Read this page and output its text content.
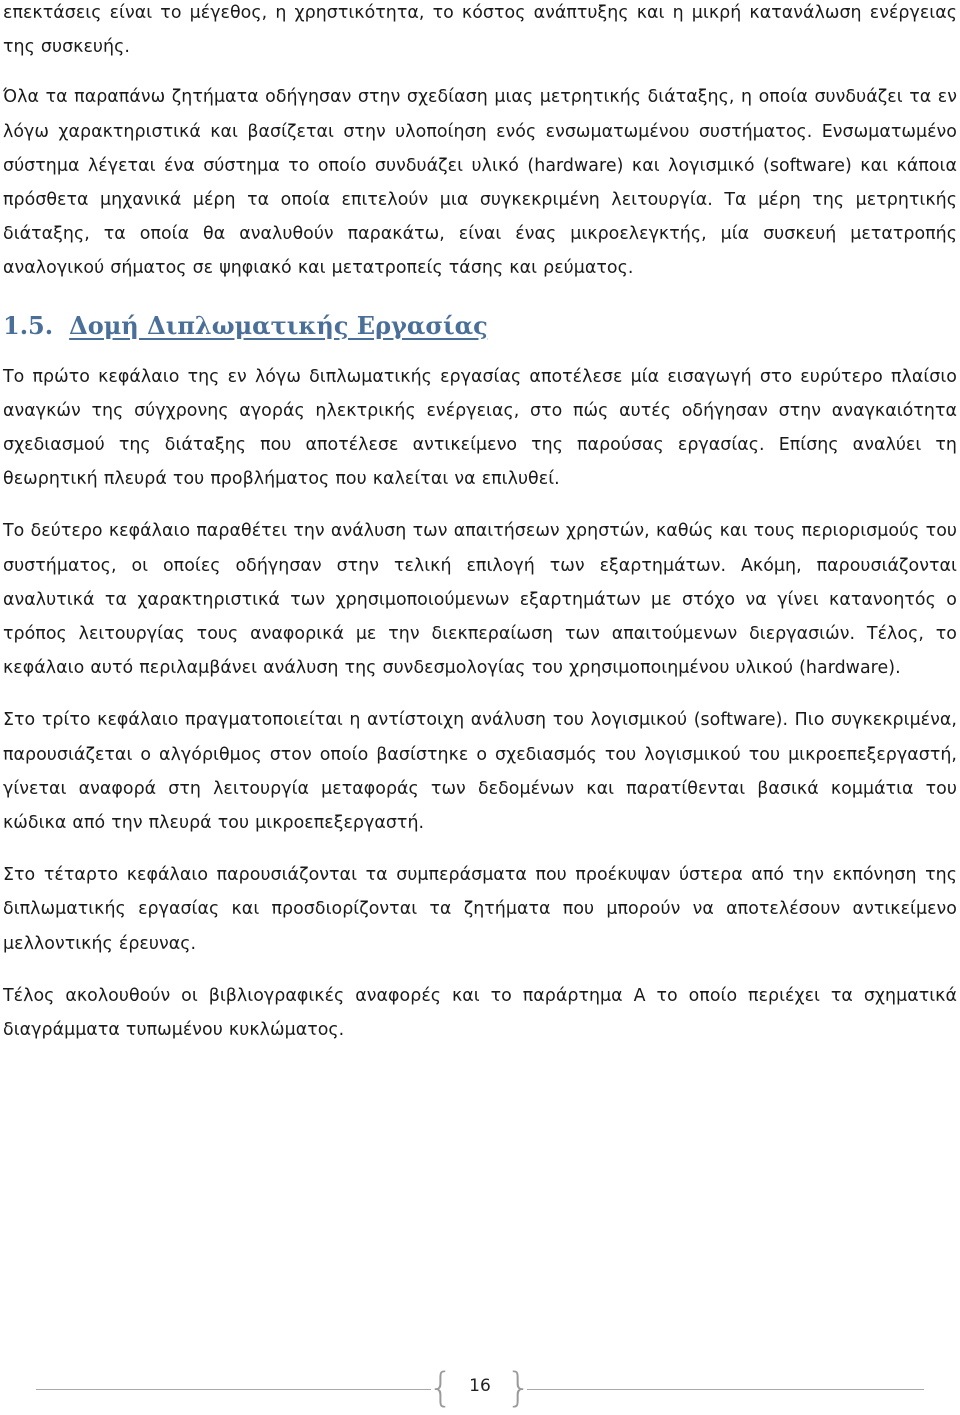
επεκτάσεις είναι το μέγεθος, η χρηστικότητα, το κόστος ανάπτυξης και η μικρή κατανάλωση ενέργειας της συσκευής.

Όλα τα παραπάνω ζητήματα οδήγησαν στην σχεδίαση μιας μετρητικής διάταξης, η οποία συνδυάζει τα εν λόγω χαρακτηριστικά και βασίζεται στην υλοποίηση ενός ενσωματωμένου συστήματος. Ενσωματωμένο σύστημα λέγεται ένα σύστημα το οποίο συνδυάζει υλικό (hardware) και λογισμικό (software) και κάποια πρόσθετα μηχανικά μέρη τα οποία επιτελούν μια συγκεκριμένη λειτουργία. Τα μέρη της μετρητικής διάταξης, τα οποία θα αναλυθούν παρακάτω, είναι ένας μικροελεγκτής, μία συσκευή μετατροπής αναλογικού σήματος σε ψηφιακό και μετατροπείς τάσης και ρεύματος.

1.5. Δομή Διπλωματικής Εργασίας

Το πρώτο κεφάλαιο της εν λόγω διπλωματικής εργασίας αποτέλεσε μία εισαγωγή στο ευρύτερο πλαίσιο αναγκών της σύγχρονης αγοράς ηλεκτρικής ενέργειας, στο πώς αυτές οδήγησαν στην αναγκαιότητα σχεδιασμού της διάταξης που αποτέλεσε αντικείμενο της παρούσας εργασίας. Επίσης αναλύει τη θεωρητική πλευρά του προβλήματος που καλείται να επιλυθεί.

Το δεύτερο κεφάλαιο παραθέτει την ανάλυση των απαιτήσεων χρηστών, καθώς και τους περιορισμούς του συστήματος, οι οποίες οδήγησαν στην τελική επιλογή των εξαρτημάτων. Ακόμη, παρουσιάζονται αναλυτικά τα χαρακτηριστικά των χρησιμοποιούμενων εξαρτημάτων με στόχο να γίνει κατανοητός ο τρόπος λειτουργίας τους αναφορικά με την διεκπεραίωση των απαιτούμενων διεργασιών. Τέλος, το κεφάλαιο αυτό περιλαμβάνει ανάλυση της συνδεσμολογίας του χρησιμοποιημένου υλικού (hardware).

Στο τρίτο κεφάλαιο πραγματοποιείται η αντίστοιχη ανάλυση του λογισμικού (software). Πιο συγκεκριμένα, παρουσιάζεται ο αλγόριθμος στον οποίο βασίστηκε ο σχεδιασμός του λογισμικού του μικροεπεξεργαστή, γίνεται αναφορά στη λειτουργία μεταφοράς των δεδομένων και παρατίθενται βασικά κομμάτια του κώδικα από την πλευρά του μικροεπεξεργαστή.

Στο τέταρτο κεφάλαιο παρουσιάζονται τα συμπεράσματα που προέκυψαν ύστερα από την εκπόνηση της διπλωματικής εργασίας και προσδιορίζονται τα ζητήματα που μπορούν να αποτελέσουν αντικείμενο μελλοντικής έρευνας.

Τέλος ακολουθούν οι βιβλιογραφικές αναφορές και το παράρτημα Α το οποίο περιέχει τα σχηματικά διαγράμματα τυπωμένου κυκλώματος.

{ 16 }
